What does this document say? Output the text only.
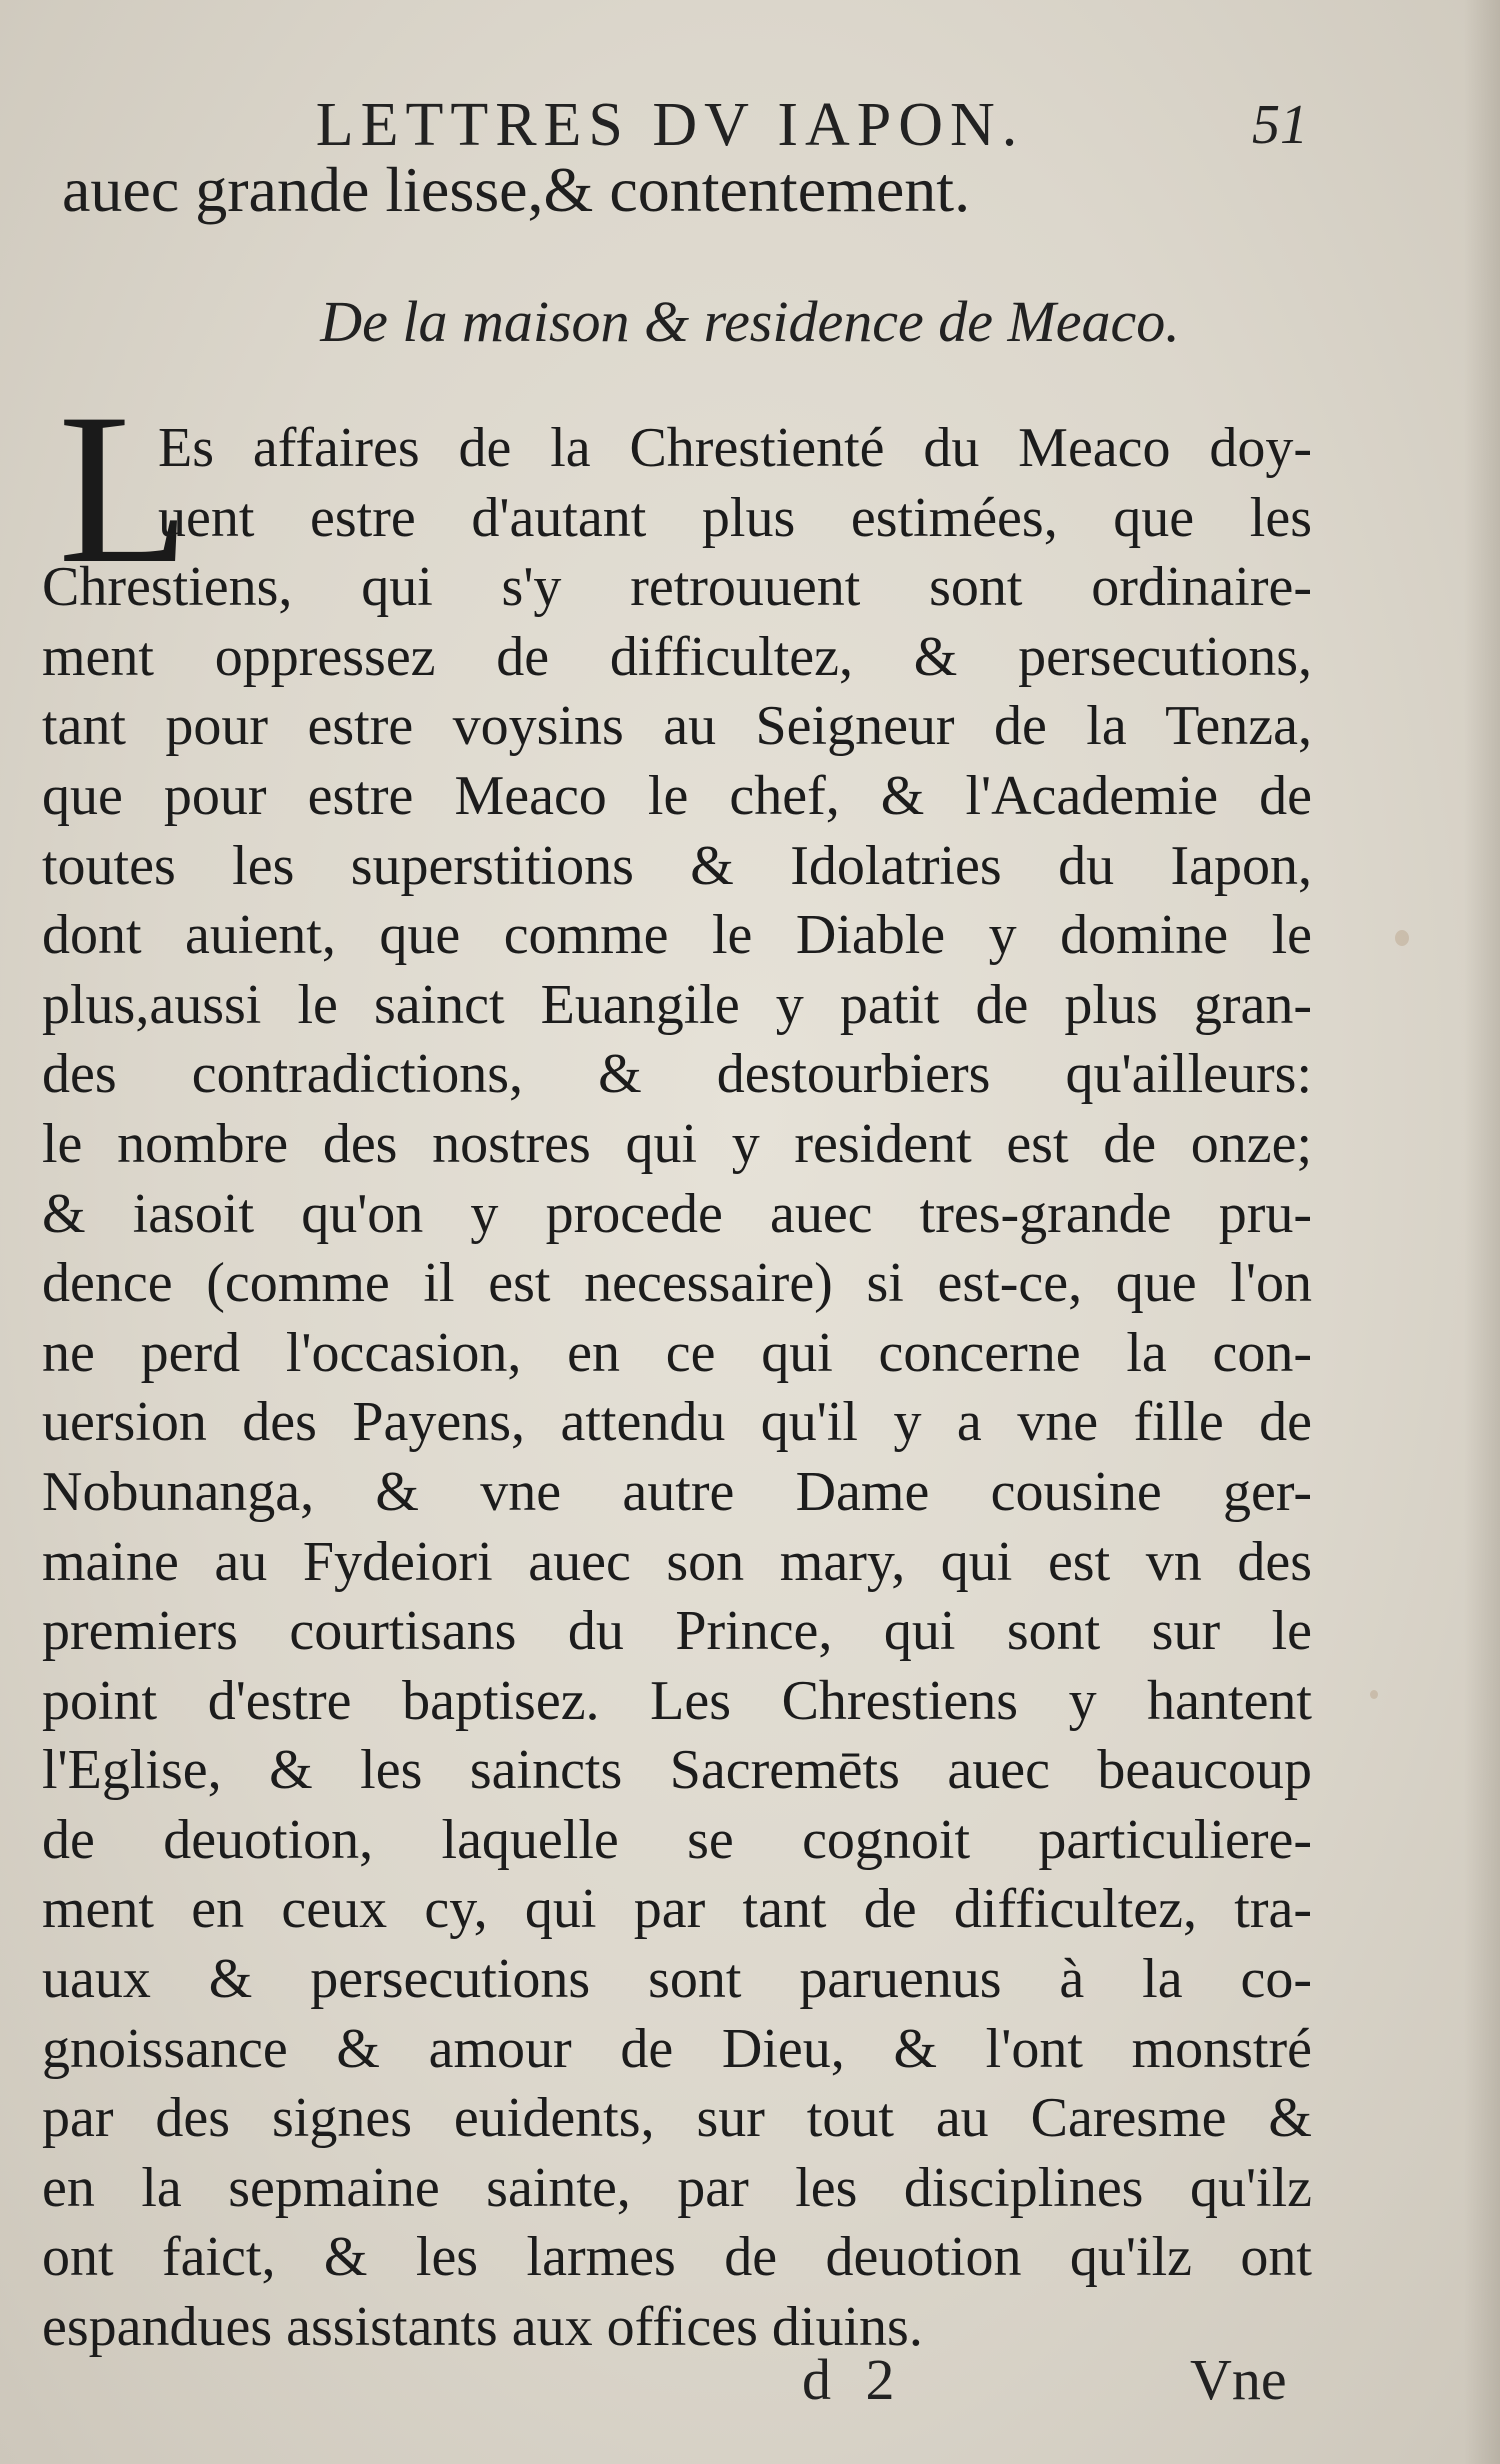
LETTRES DV IAPON.	51
auec grande liesse,& contentement.
De la maison & residence de Meaco.
L
Es affaires de la Chrestienté du Meaco doy-
uent estre d'autant plus estimées, que les
Chrestiens, qui s'y retrouuent sont ordinaire-
ment oppressez de difficultez, & persecutions,
tant pour estre voysins au Seigneur de la Tenza,
que pour estre Meaco le chef, & l'Academie de
toutes les superstitions & Idolatries du Iapon,
dont auient, que comme le Diable y domine le
plus,aussi le sainct Euangile y patit de plus gran-
des contradictions, & destourbiers qu'ailleurs:
le nombre des nostres qui y resident est de onze;
& iasoit qu'on y procede auec tres-grande pru-
dence (comme il est necessaire) si est-ce, que l'on
ne perd l'occasion, en ce qui concerne la con-
uersion des Payens, attendu qu'il y a vne fille de
Nobunanga, & vne autre Dame cousine ger-
maine au Fydeiori auec son mary, qui est vn des
premiers courtisans du Prince, qui sont sur le
point d'estre baptisez. Les Chrestiens y hantent
l'Eglise, & les saincts Sacremēts auec beaucoup
de deuotion, laquelle se cognoit particuliere-
ment en ceux cy, qui par tant de difficultez, tra-
uaux & persecutions sont paruenus à la co-
gnoissance & amour de Dieu, & l'ont monstré
par des signes euidents, sur tout au Caresme &
en la sepmaine sainte, par les disciplines qu'ilz
ont faict, & les larmes de deuotion qu'ilz ont
espandues assistants aux offices diuins.
d 2	Vne
